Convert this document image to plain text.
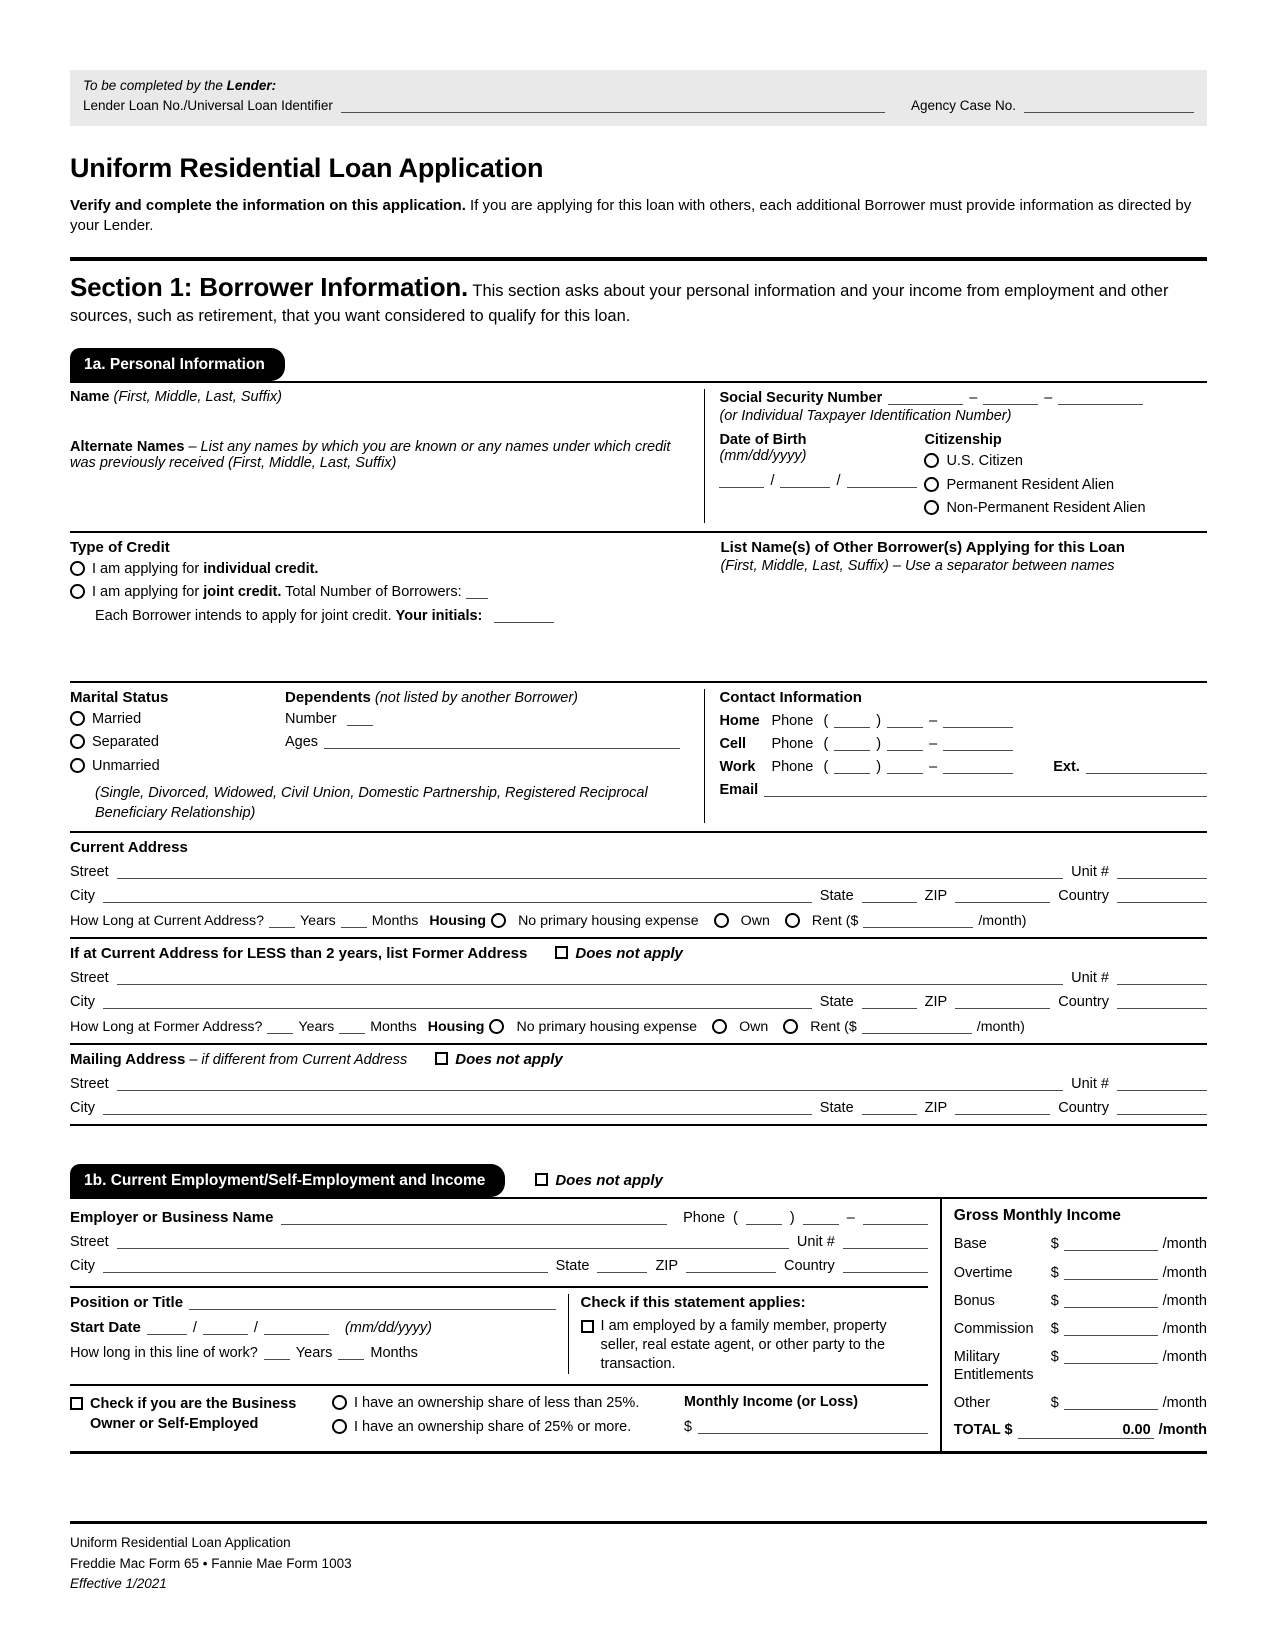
To be completed by the Lender:
Lender Loan No./Universal Loan Identifier	Agency Case No.
Uniform Residential Loan Application

Verify and complete the information on this application. If you are applying for this loan with others, each additional Borrower must provide information as directed by your Lender.

Section 1: Borrower Information. This section asks about your personal information and your income from employment and other sources, such as retirement, that you want considered to qualify for this loan.

1a. Personal Information
Name (First, Middle, Last, Suffix)
Alternate Names – List any names by which you are known or any names under which credit was previously received (First, Middle, Last, Suffix)
Social Security Number	–	–
(or Individual Taxpayer Identification Number)
Date of Birth
(mm/dd/yyyy)
/	/
Citizenship
U.S. Citizen
Permanent Resident Alien
Non-Permanent Resident Alien
Type of Credit
I am applying for individual credit.
I am applying for joint credit. Total Number of Borrowers:
Each Borrower intends to apply for joint credit. Your initials:
List Name(s) of Other Borrower(s) Applying for this Loan
(First, Middle, Last, Suffix) – Use a separator between names
Marital Status
Married
Separated
Unmarried
Dependents (not listed by another Borrower)
Number
Ages
(Single, Divorced, Widowed, Civil Union, Domestic Partnership, Registered Reciprocal Beneficiary Relationship)
Contact Information
Home Phone (	)	–
Cell	Phone (	)	–
Work	Phone (	)	–	Ext.
Email
Current Address
Street	Unit #
City	State	ZIP	Country
How Long at Current Address?	Years	Months Housing No primary housing expense	Own	Rent ($	/month)
If at Current Address for LESS than 2 years, list Former Address	Does not apply
Street	Unit #
City	State	ZIP	Country
How Long at Former Address?	Years	Months Housing No primary housing expense	Own	Rent ($	/month)
Mailing Address – if different from Current Address	Does not apply
Street	Unit #
City	State	ZIP	Country
1b. Current Employment/Self-Employment and Income	Does not apply
Employer or Business Name	Phone (	)	–
Street	Unit #
City	State	ZIP	Country
Position or Title
Start Date	/	/	(mm/dd/yyyy)
How long in this line of work?	Years	Months
Check if this statement applies:
I am employed by a family member, property seller, real estate agent, or other party to the transaction.
Check if you are the Business
Owner or Self-Employed
I have an ownership share of less than 25%.
I have an ownership share of 25% or more.
Monthly Income (or Loss)
$
Gross Monthly Income
Base	$	/month
Overtime	$	/month
Bonus	$	/month
Commission	$	/month
Military Entitlements
$	/month
Other	$	/month
TOTAL $	0.00 /month
Uniform Residential Loan Application
Freddie Mac Form 65 • Fannie Mae Form 1003
Effective 1/2021
